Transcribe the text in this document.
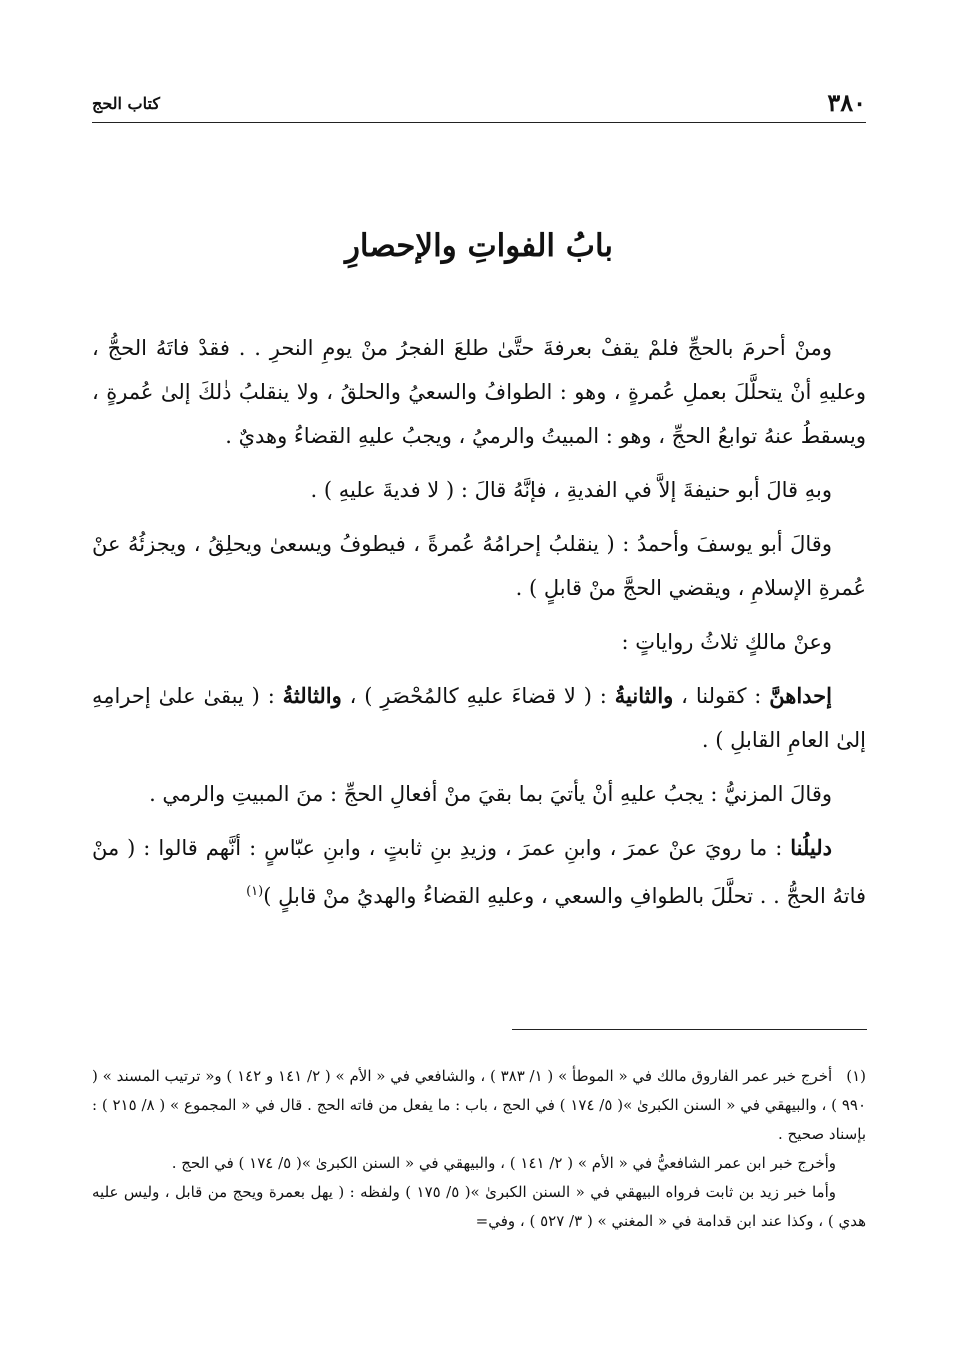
٣٨٠
كتاب الحج
بابُ الفواتِ والإحصارِ

ومنْ أحرمَ بالحجِّ فلمْ يقفْ بعرفةَ حتَّىٰ طلعَ الفجرُ منْ يومِ النحرِ . . فقدْ فاتَهُ الحجُّ ، وعليهِ أنْ يتحلَّلَ بعملِ عُمرةٍ ، وهو : الطوافُ والسعيُ والحلقُ ، ولا ينقلبُ ذٰلكَ إلىٰ عُمرةٍ ، ويسقطُ عنهُ توابعُ الحجِّ ، وهو : المبيتُ والرميُ ، ويجبُ عليهِ القضاءُ وهديٌ .

وبهِ قالَ أبو حنيفةَ إلاَّ في الفديةِ ، فإنَّهُ قالَ : ( لا فديةَ عليهِ ) .

وقالَ أبو يوسفَ وأحمدُ : ( ينقلبُ إحرامُهُ عُمرةً ، فيطوفُ ويسعىٰ ويحلِقُ ، ويجزئُهُ عنْ عُمرةِ الإسلامِ ، ويقضي الحجَّ منْ قابلٍ ) .

وعنْ مالكٍ ثلاثُ رواياتٍ :

إحداهنَّ : كقولنا ، والثانيةُ : ( لا قضاءَ عليهِ كالمُحْصَرِ ) ، والثالثةُ : ( يبقىٰ علىٰ إحرامِهِ إلىٰ العامِ القابلِ ) .

وقالَ المزنيُّ : يجبُ عليهِ أنْ يأتيَ بما بقيَ منْ أفعالِ الحجِّ : منَ المبيتِ والرمي .

دليلُنا : ما رويَ عنْ عمرَ ، وابنِ عمرَ ، وزيدِ بنِ ثابتٍ ، وابنِ عبّاسٍ : أنَّهم قالوا : ( منْ فاتهُ الحجُّ . . تحلَّلَ بالطوافِ والسعي ، وعليهِ القضاءُ والهديُ منْ قابلٍ )$^{(١)}$

(١)أخرج خبر عمر الفاروق مالك في « الموطأ » ( ١/ ٣٨٣ ) ، والشافعي في « الأم » ( ٢/ ١٤١ و ١٤٢ ) و« ترتيب المسند » ( ٩٩٠ ) ، والبيهقي في « السنن الكبرىٰ »( ٥/ ١٧٤ ) في الحج ، باب : ما يفعل من فاته الحج . قال في « المجموع » ( ٨/ ٢١٥ ) : بإسناد صحيح .

وأخرج خبر ابن عمر الشافعيُّ في « الأم » ( ٢/ ١٤١ ) ، والبيهقي في « السنن الكبرىٰ »( ٥/ ١٧٤ ) في الحج .

وأما خبر زيد بن ثابت فرواه البيهقي في « السنن الكبرىٰ »( ٥/ ١٧٥ ) ولفظه : ( يهل بعمرة ويحج من قابل ، وليس عليه هدي ) ، وكذا عند ابن قدامة في « المغني » ( ٣/ ٥٢٧ ) ، وفي=
